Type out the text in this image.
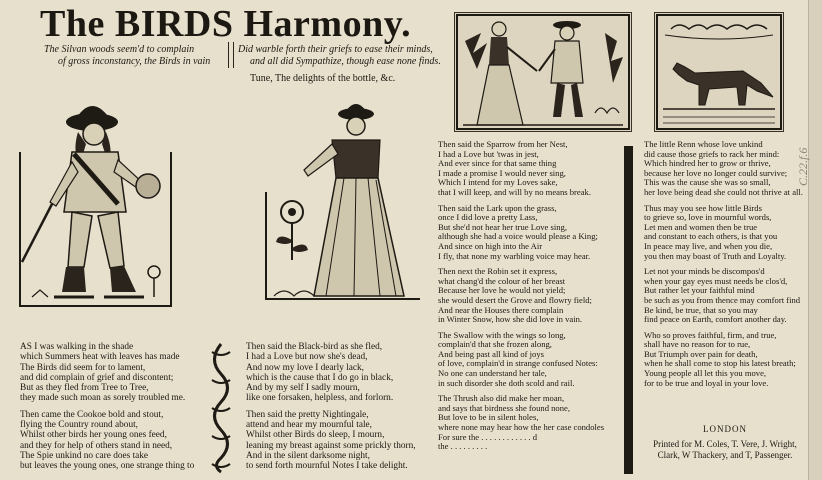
The BIRDS Harmony.
The Silvan woods seem'd to complain
of gross inconstancy, the Birds in vain
Did warble forth their griefs to ease their minds,
and all did Sympathize, though ease none finds.
Tune, The delights of the bottle, &c.

AS I was walking in the shade

which Summers heat with leaves has made

The Birds did seem for to lament,

and did complain of grief and discontent;

But as they fled from Tree to Tree,

they made such moan as sorely troubled me.

Then came the Cookoe bold and stout,

flying the Country round about,

Whilst other birds her young ones feed,

and they for help of others stand in need,

The Spie unkind no care does take

but leaves the young ones, one strange thing to

Then said the Black-bird as she fled,

I had a Love but now she's dead,

And now my love I dearly lack,

which is the cause that I do go in black,

And by my self I sadly mourn,

like one forsaken, helpless, and forlorn.

Then said the pretty Nightingale,

attend and hear my mournful tale,

Whilst other Birds do sleep, I mourn,

leaning my breast against some prickly thorn,

And in the silent darksome night,

to send forth mournful Notes I take delight.

Then said the Sparrow from her Nest,

I had a Love but 'twas in jest,

And ever since for that same thing

I made a promise I would never sing,

Which I intend for my Loves sake,

that I will keep, and will by no means break.

Then said the Lark upon the grass,

once I did love a pretty Lass,

But she'd not hear her true Love sing,

although she had a voice would please a King;

And since on high into the Air

I fly, that none my warbling voice may hear.

Then next the Robin set it express,

what chang'd the colour of her breast

Because her love he would not yield;

she would desert the Grove and flowry field;

And near the Houses there complain

in Winter Snow, how she did love in vain.

The Swallow with the wings so long,

complain'd that she frozen along,

And being past all kind of joys

of love, complain'd in strange confused Notes:

No one can understand her tale,

in such disorder she doth scold and rail.

The Thrush also did make her moan,

and says that birdness she found none,

But love to be in silent holes,

where none may hear how the her case condoles

For sure the . . . . . . . . . . . . d

the . . . . . . . . .

The little Renn whose love unkind

did cause those griefs to rack her mind:

Which hindred her to grow or thrive,

because her love no longer could survive;

This was the cause she was so small,

her love being dead she could not thrive at all.

Thus may you see how little Birds

to grieve so, love in mournful words,

Let men and women then be true

and constant to each others, is that you

In peace may live, and when you die,

you then may boast of Truth and Loyalty.

Let not your minds be discompos'd

when your gay eyes must needs be clos'd,

But rather let your faithful mind

be such as you from thence may comfort find

Be kind, be true, that so you may

find peace on Earth, comfort another day.

Who so proves faithful, firm, and true,

shall have no reason for to rue,

But Triumph over pain for death,

when he shall come to stop his latest breath;

Young people all let this you move,

for to be true and loyal in your love.

LONDON
Printed for M. Coles, T. Vere, J. Wright,
Clark, W Thackery, and T, Passenger.
C.22.f.6
